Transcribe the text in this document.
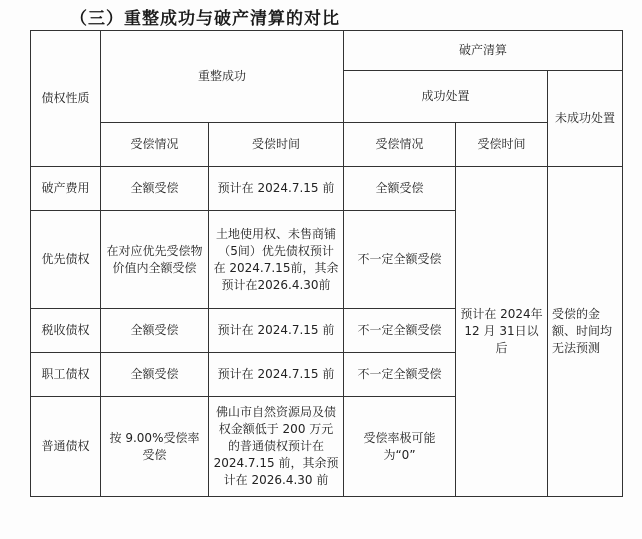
（三）重整成功与破产清算的对比
债权性质	重整成功		破产清算		
			成功处置		未成功处置
	受偿情况	受偿时间	受偿情况	受偿时间	
破产费用	全额受偿	预计在 2024.7.15 前	全额受偿	预计在 2024年 12 月 31日以后	受偿的金额、时间均无法预测
优先债权	在对应优先受偿物价值内全额受偿	土地使用权、未售商铺（5间）优先债权预计在 2024.7.15前，其余预计在2026.4.30前	不一定全额受偿		
税收债权	全额受偿	预计在 2024.7.15 前	不一定全额受偿		
职工债权	全额受偿	预计在 2024.7.15 前	不一定全额受偿		
普通债权	按 9.00%受偿率受偿	佛山市自然资源局及债权金额低于 200 万元的普通债权预计在2024.7.15 前，其余预计在 2026.4.30 前	受偿率极可能为“0”		
